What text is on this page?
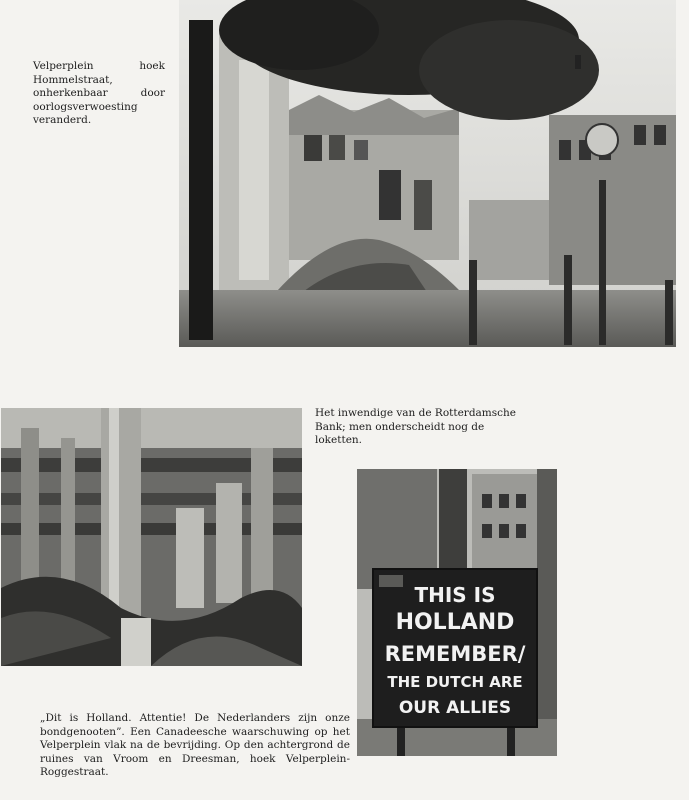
Velperplein hoek Hommelstraat, onherkenbaar door oorlogsverwoesting veranderd.
Het inwendige van de Rotterdamsche Bank; men onderscheidt nog de loketten.
THIS IS
HOLLAND
REMEMBER/
THE DUTCH ARE
OUR ALLIES
„Dit is Holland. Attentie! De Nederlanders zijn onze bondgenooten”. Een Canadeesche waarschuwing op het Velperplein vlak na de bevrijding. Op den achtergrond de ruines van Vroom en Dreesman, hoek Velperplein-Roggestraat.
